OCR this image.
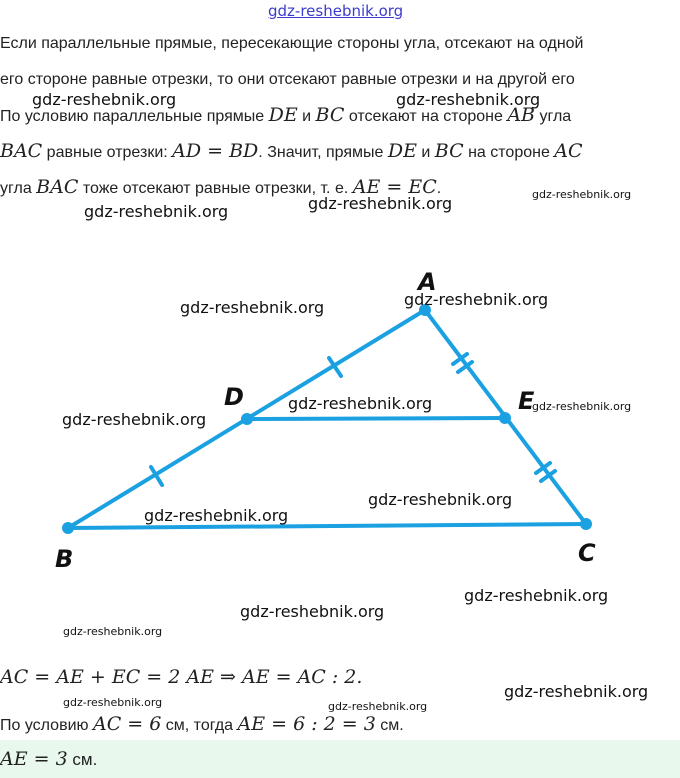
gdz-reshebnik.org
Если параллельные прямые, пересекающие стороны угла, отсекают на одной
его стороне равные отрезки, то они отсекают равные отрезки и на другой его
По условию параллельные прямые DE и BC отсекают на стороне AB угла
BAC равные отрезки: AD = BD. Значит, прямые DE и BC на стороне AC
угла BAC тоже отсекают равные отрезки, т. е. AE = EC.
A
B	C
D	E
gdz-reshebnik.org	gdz-reshebnik.org
gdz-reshebnik.org
gdz-reshebnik.org
gdz-reshebnik.org
gdz-reshebnik.org
gdz-reshebnik.org
gdz-reshebnik.org	gdz-reshebnik.org
gdz-reshebnik.org
gdz-reshebnik.org
gdz-reshebnik.org
gdz-reshebnik.org
gdz-reshebnik.org
gdz-reshebnik.org
gdz-reshebnik.org
gdz-reshebnik.org	gdz-reshebnik.org
AC = AE + EC = 2 AE ⇒ AE = AC : 2.
По условию AC = 6 см, тогда AE = 6 : 2 = 3 см.
AE = 3 см.
